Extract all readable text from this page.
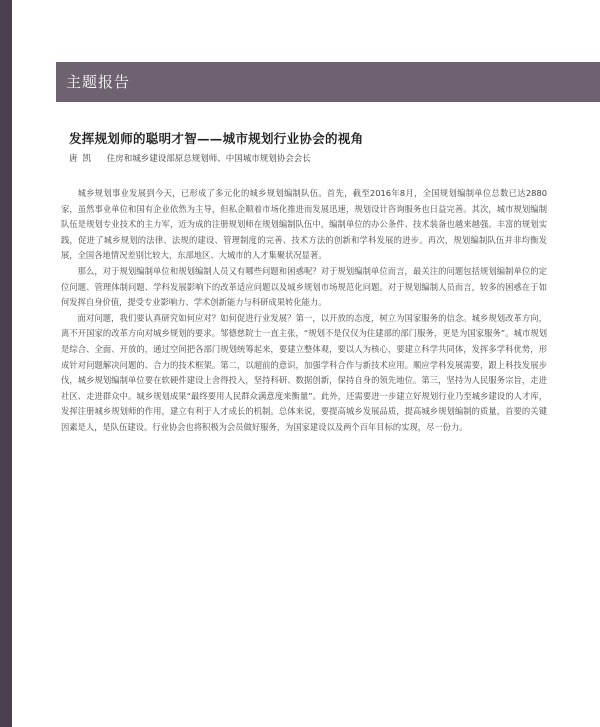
主题报告
发挥规划师的聪明才智——城市规划行业协会的视角
唐凯 住房和城乡建设部原总规划师、中国城市规划协会会长

城乡规划事业发展到今天，已形成了多元化的城乡规划编制队伍。首先，截至2016年8月，全国规划编制单位总数已达2880家，虽然事业单位和国有企业依然为主导，但私企顺着市场化推进而发展迅速，规划设计咨询服务也日益完善。其次，城市规划编制队伍是规划专业技术的主力军，近为成的注册规划师在规划编制队伍中，编制单位的办公条件、技术装备也越来越强。丰富的规划实践，促进了城乡规划的法律、法规的建设、管理制度的完善、技术方法的创新和学科发展的进步。再次，规划编制队伍并非均衡发展，全国各地情况差别比较大，东部地区、大城市的人才集聚状况显著。

那么，对于规划编制单位和规划编制人员又有哪些问题和困惑呢？对于规划编制单位而言，最关注的问题包括规划编制单位的定位问题、管理体制问题、学科发展影响下的改革适应问题以及城乡规划市场规范化问题。对于规划编制人员而言，较多的困惑在于如何发挥自身价值，提受专业影响力、学术创新能力与科研成果转化能力。

面对问题，我们要认真研究如何应对？如何促进行业发展？第一，以开放的态度，树立为国家服务的信念。城乡规划改革方向，离不开国家的改革方向对城乡规划的要求。邹德慈院士一直主张，“规划不是仅仅为住建部的部门服务，更是为国家服务”。城市规划是综合、全面、开放的，通过空间把各部门规划统筹起来，要建立整体观，要以人为核心，要建立科学共同体，发挥多学科优势，形成针对问题解决问题的、合力的技术框架。第二，以超前的意识，加强学科合作与新技术应用。顺应学科发展需要，跟上科技发展步伐，城乡规划编制单位要在软硬件建设上舍得投入，坚持科研、数据创新，保持自身的领先地位。第三，坚持为人民服务宗旨，走进社区、走进群众中。城乡规划成果“最终要用人民群众满意度来衡量”。此外，还需要进一步建立好规划行业乃至城乡建设的人才库，发挥注册城乡规划师的作用，建立有利于人才成长的机制。总体来说，要提高城乡发展品质，提高城乡规划编制的质量，首要的关键因素是人，是队伍建设。行业协会也将积极为会员做好服务，为国家建设以及两个百年目标的实现，尽一份力。
